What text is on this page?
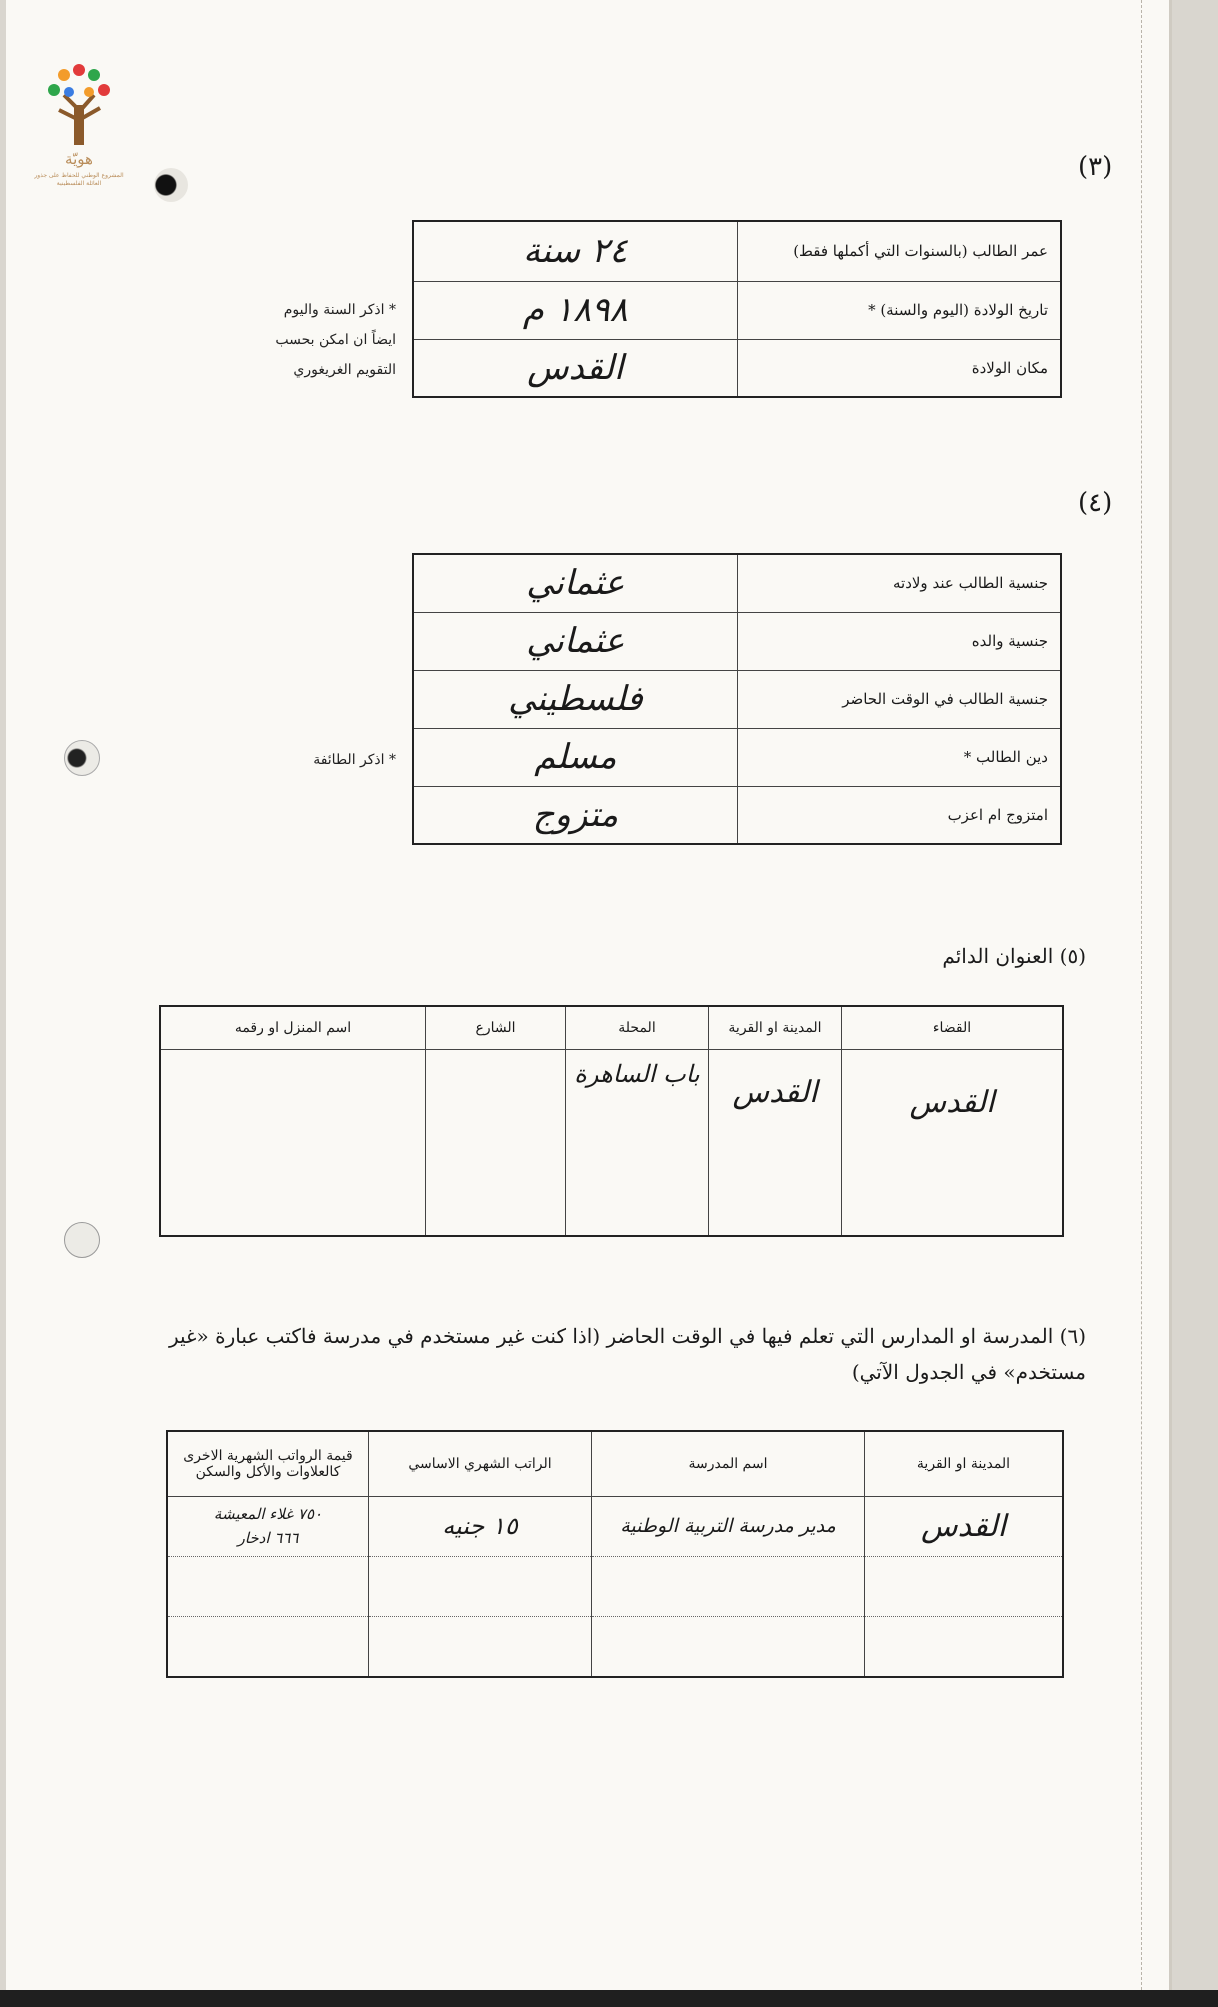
هويّة
المشروع الوطني للحفاظ على جذور العائلة الفلسطينية
(٣)
عمر الطالب (بالسنوات التي أكملها فقط)	٢٤ سنة
تاريخ الولادة (اليوم والسنة) *	١٨٩٨ م
مكان الولادة	القدس
* اذكر السنة واليوم
ايضاً ان امكن بحسب
التقويم الغريغوري
(٤)
جنسية الطالب عند ولادته	عثماني
جنسية والده	عثماني
جنسية الطالب في الوقت الحاضر	فلسطيني
دين الطالب *	مسلم
امتزوج ام اعزب	متزوج
* اذكر الطائفة
(٥) العنوان الدائم
القضاء	المدينة او القرية	المحلة	الشارع	اسم المنزل او رقمه
القدس	القدس	باب الساهرة		
(٦) المدرسة او المدارس التي تعلم فيها في الوقت الحاضر (اذا كنت غير مستخدم في مدرسة فاكتب عبارة «غير
مستخدم» في الجدول الآتي)
المدينة او القرية	اسم المدرسة	الراتب الشهري الاساسي	قيمة الرواتب الشهرية الاخرى كالعلاوات والأكل والسكن
القدس	مدير مدرسة التربية الوطنية	١٥ جنيه	٧٥٠ غلاء المعيشة
٦٦٦ ادخار
